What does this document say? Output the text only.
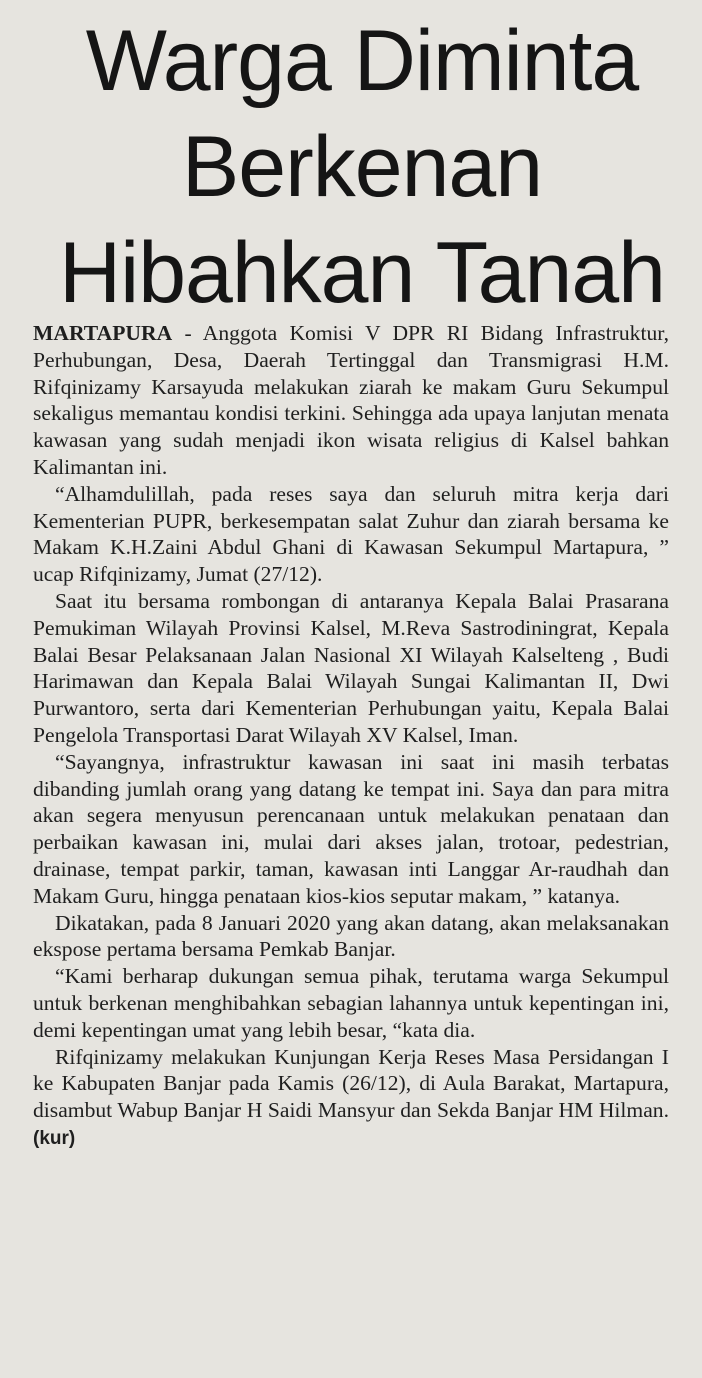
Warga Diminta
Berkenan
Hibahkan Tanah

MARTAPURA - Anggota Komisi V DPR RI Bidang Infrastruktur, Perhubungan, Desa, Daerah Tertinggal dan Transmigrasi H.M. Rifqinizamy Karsayuda melakukan ziarah ke makam Guru Sekumpul sekaligus memantau kondisi terkini. Sehingga ada upaya lanjutan menata kawasan yang sudah menjadi ikon wisata religius di Kalsel bahkan Kalimantan ini.

“Alhamdulillah, pada reses saya dan seluruh mitra kerja dari Kementerian PUPR, berkesempatan salat Zuhur dan ziarah bersama ke Makam K.H.Zaini Abdul Ghani di Kawasan Sekumpul Martapura, ” ucap Rifqinizamy, Jumat (27/12).

Saat itu bersama rombongan di antaranya Kepala Balai Prasarana Pemukiman Wilayah Provinsi Kalsel, M.Reva Sastrodiningrat, Kepala Balai Besar Pelaksanaan Jalan Nasional XI Wilayah Kalselteng , Budi Harimawan dan Kepala Balai Wilayah Sungai Kalimantan II, Dwi Purwantoro, serta dari Kementerian Perhubungan yaitu, Kepala Balai Pengelola Transportasi Darat Wilayah XV Kalsel, Iman.

“Sayangnya, infrastruktur kawasan ini saat ini masih terbatas dibanding jumlah orang yang datang ke tempat ini. Saya dan para mitra akan segera menyusun perencanaan untuk melakukan penataan dan perbaikan kawasan ini, mulai dari akses jalan, trotoar, pedestrian, drainase, tempat parkir, taman, kawasan inti Langgar Ar-raudhah dan Makam Guru, hingga penataan kios-kios seputar makam, ” katanya.

Dikatakan, pada 8 Januari 2020 yang akan datang, akan melaksanakan ekspose pertama bersama Pemkab Banjar.

“Kami berharap dukungan semua pihak, terutama warga Sekumpul untuk berkenan menghibahkan sebagian lahannya untuk kepentingan ini, demi kepentingan umat yang lebih besar, “kata dia.

Rifqinizamy melakukan Kunjungan Kerja Reses Masa Persidangan I ke Kabupaten Banjar pada Kamis (26/12), di Aula Barakat, Martapura, disambut Wabup Banjar H Saidi Mansyur dan Sekda Banjar HM Hilman. (kur)
